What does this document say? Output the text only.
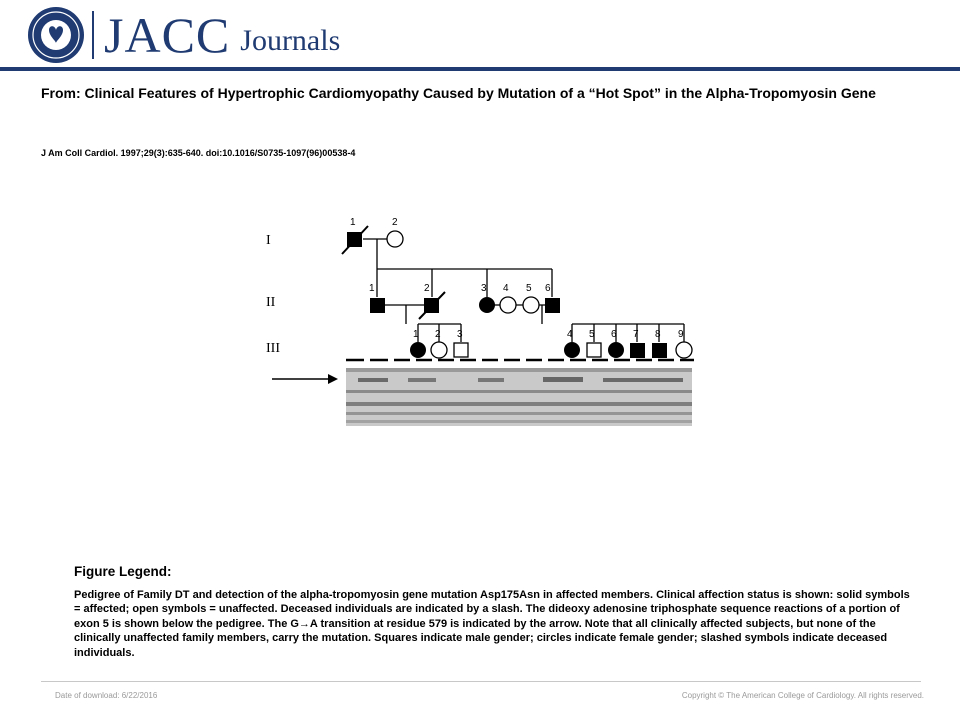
JACC Journals
From: Clinical Features of Hypertrophic Cardiomyopathy Caused by Mutation of a “Hot Spot” in the Alpha-Tropomyosin Gene
J Am Coll Cardiol. 1997;29(3):635-640. doi:10.1016/S0735-1097(96)00538-4
I
II
III
1	2
1	2	3 4 5 6
1 2 3	4 5 6 7 8 9
Figure Legend:
Pedigree of Family DT and detection of the alpha-tropomyosin gene mutation Asp175Asn in affected members. Clinical affection status is shown: solid symbols = affected; open symbols = unaffected. Deceased individuals are indicated by a slash. The dideoxy adenosine triphosphate sequence reactions of a portion of exon 5 is shown below the pedigree. The G→A transition at residue 579 is indicated by the arrow. Note that all clinically affected subjects, but none of the clinically unaffected family members, carry the mutation. Squares indicate male gender; circles indicate female gender; slashed symbols indicate deceased individuals.
Date of download: 6/22/2016	Copyright © The American College of Cardiology. All rights reserved.
